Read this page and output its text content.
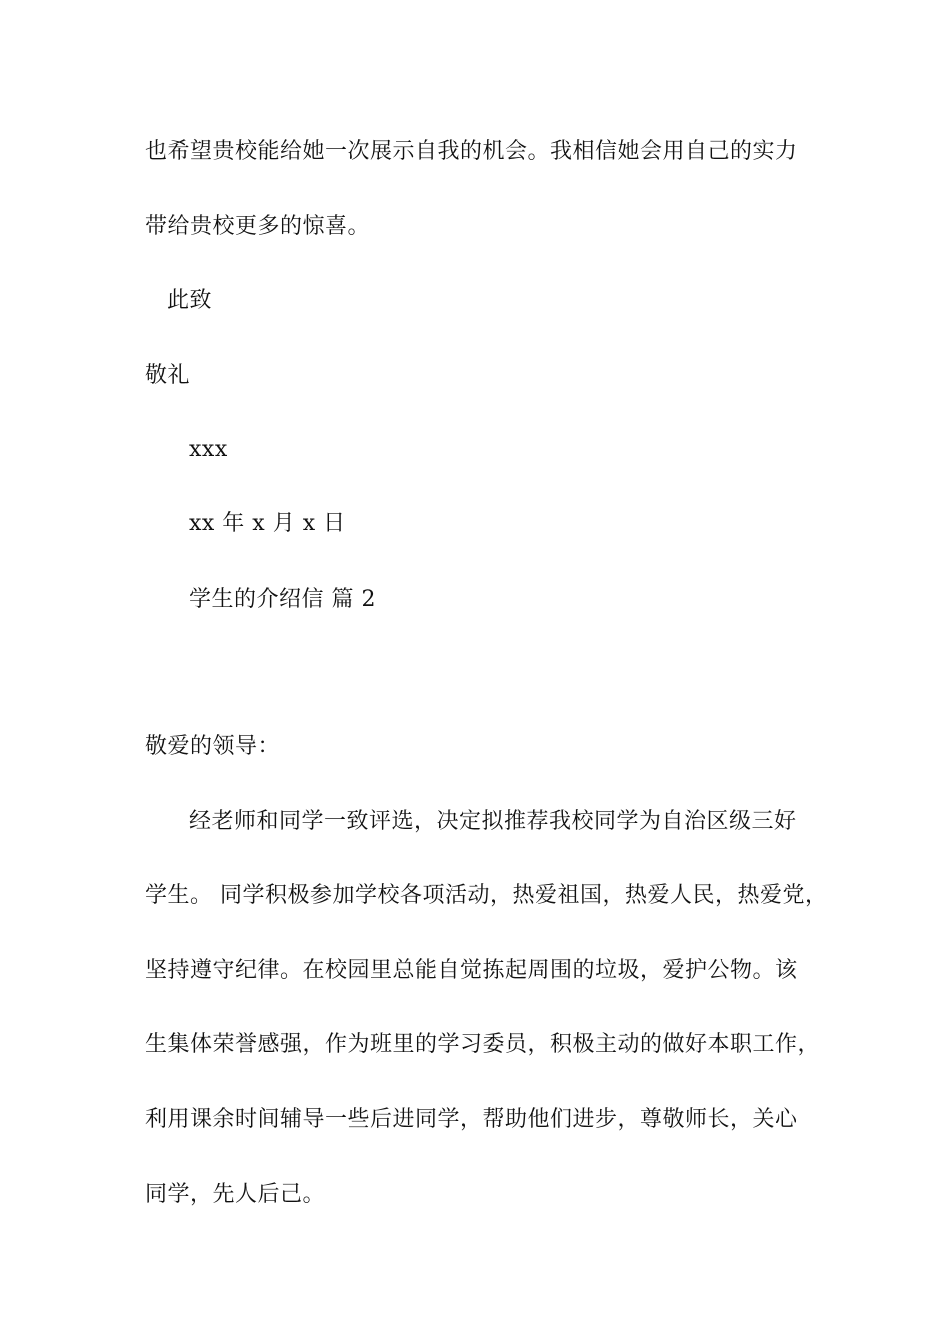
也希望贵校能给她一次展示自我的机会。我相信她会用自己的实力
带给贵校更多的惊喜。
此致
敬礼
xxx
xx 年 x 月 x 日
学生的介绍信 篇 2
敬爱的领导：
经老师和同学一致评选，决定拟推荐我校同学为自治区级三好
学生。 同学积极参加学校各项活动，热爱祖国，热爱人民，热爱党，
坚持遵守纪律。在校园里总能自觉拣起周围的垃圾，爱护公物。该
生集体荣誉感强，作为班里的学习委员，积极主动的做好本职工作，
利用课余时间辅导一些后进同学，帮助他们进步，尊敬师长，关心
同学，先人后己。
